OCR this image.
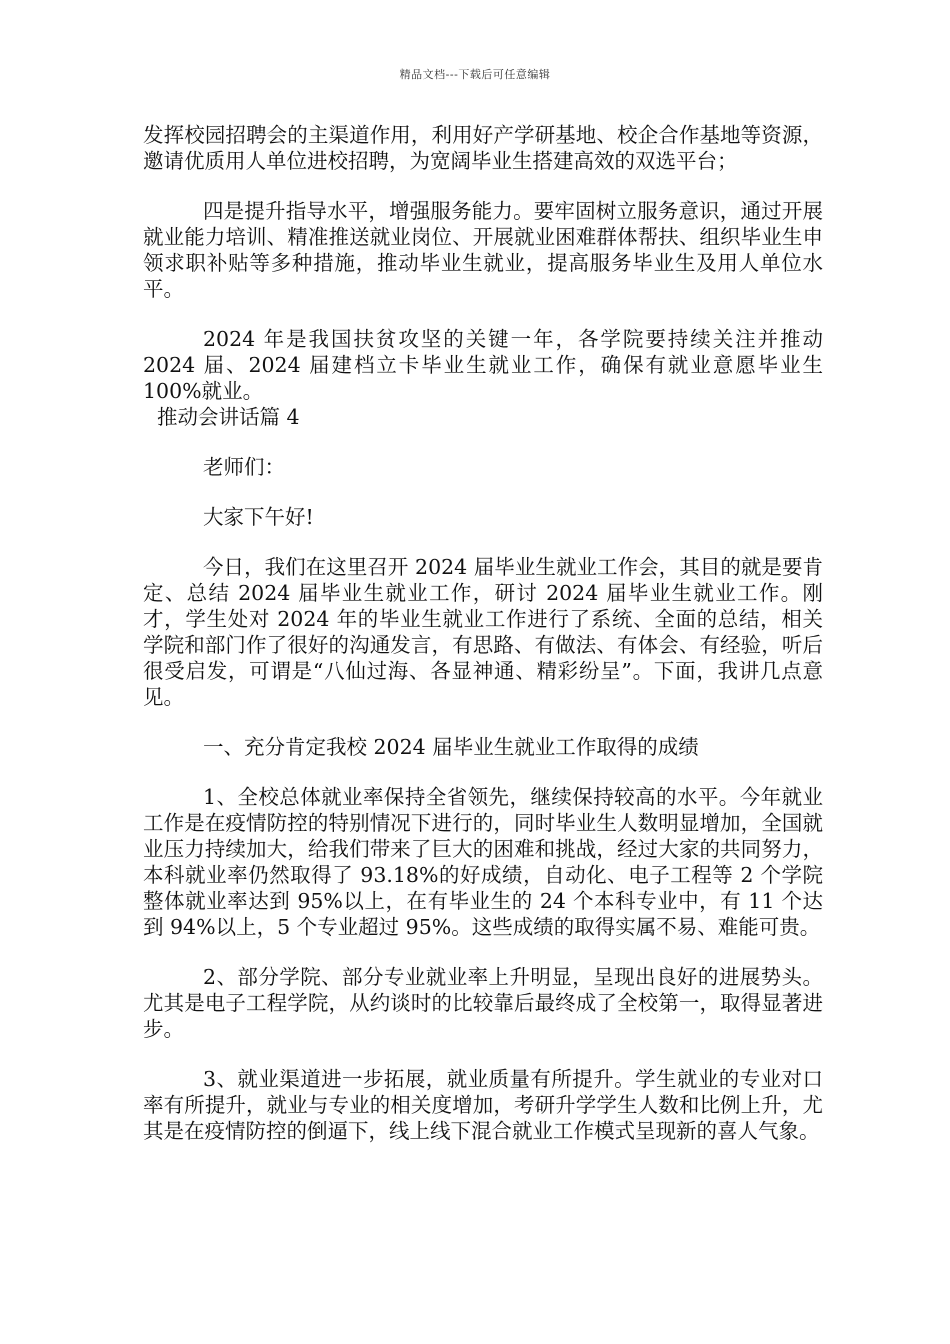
精品文档---下载后可任意编辑

发挥校园招聘会的主渠道作用，利用好产学研基地、校企合作基地等资源，邀请优质用人单位进校招聘，为宽阔毕业生搭建高效的双选平台；

四是提升指导水平，增强服务能力。要牢固树立服务意识，通过开展就业能力培训、精准推送就业岗位、开展就业困难群体帮扶、组织毕业生申领求职补贴等多种措施，推动毕业生就业，提高服务毕业生及用人单位水平。

2024 年是我国扶贫攻坚的关键一年，各学院要持续关注并推动 2024 届、2024 届建档立卡毕业生就业工作，确保有就业意愿毕业生 100%就业。

推动会讲话篇 4

老师们：

大家下午好!

今日，我们在这里召开 2024 届毕业生就业工作会，其目的就是要肯定、总结 2024 届毕业生就业工作，研讨 2024 届毕业生就业工作。刚才，学生处对 2024 年的毕业生就业工作进行了系统、全面的总结，相关学院和部门作了很好的沟通发言，有思路、有做法、有体会、有经验，听后很受启发，可谓是“八仙过海、各显神通、精彩纷呈”。下面，我讲几点意见。

一、充分肯定我校 2024 届毕业生就业工作取得的成绩

1、全校总体就业率保持全省领先，继续保持较高的水平。今年就业工作是在疫情防控的特别情况下进行的，同时毕业生人数明显增加，全国就业压力持续加大，给我们带来了巨大的困难和挑战，经过大家的共同努力，本科就业率仍然取得了 93.18%的好成绩，自动化、电子工程等 2 个学院整体就业率达到 95%以上，在有毕业生的 24 个本科专业中，有 11 个达到 94%以上，5 个专业超过 95%。这些成绩的取得实属不易、难能可贵。

2、部分学院、部分专业就业率上升明显，呈现出良好的进展势头。尤其是电子工程学院，从约谈时的比较靠后最终成了全校第一，取得显著进步。

3、就业渠道进一步拓展，就业质量有所提升。学生就业的专业对口率有所提升，就业与专业的相关度增加，考研升学学生人数和比例上升，尤其是在疫情防控的倒逼下，线上线下混合就业工作模式呈现新的喜人气象。
